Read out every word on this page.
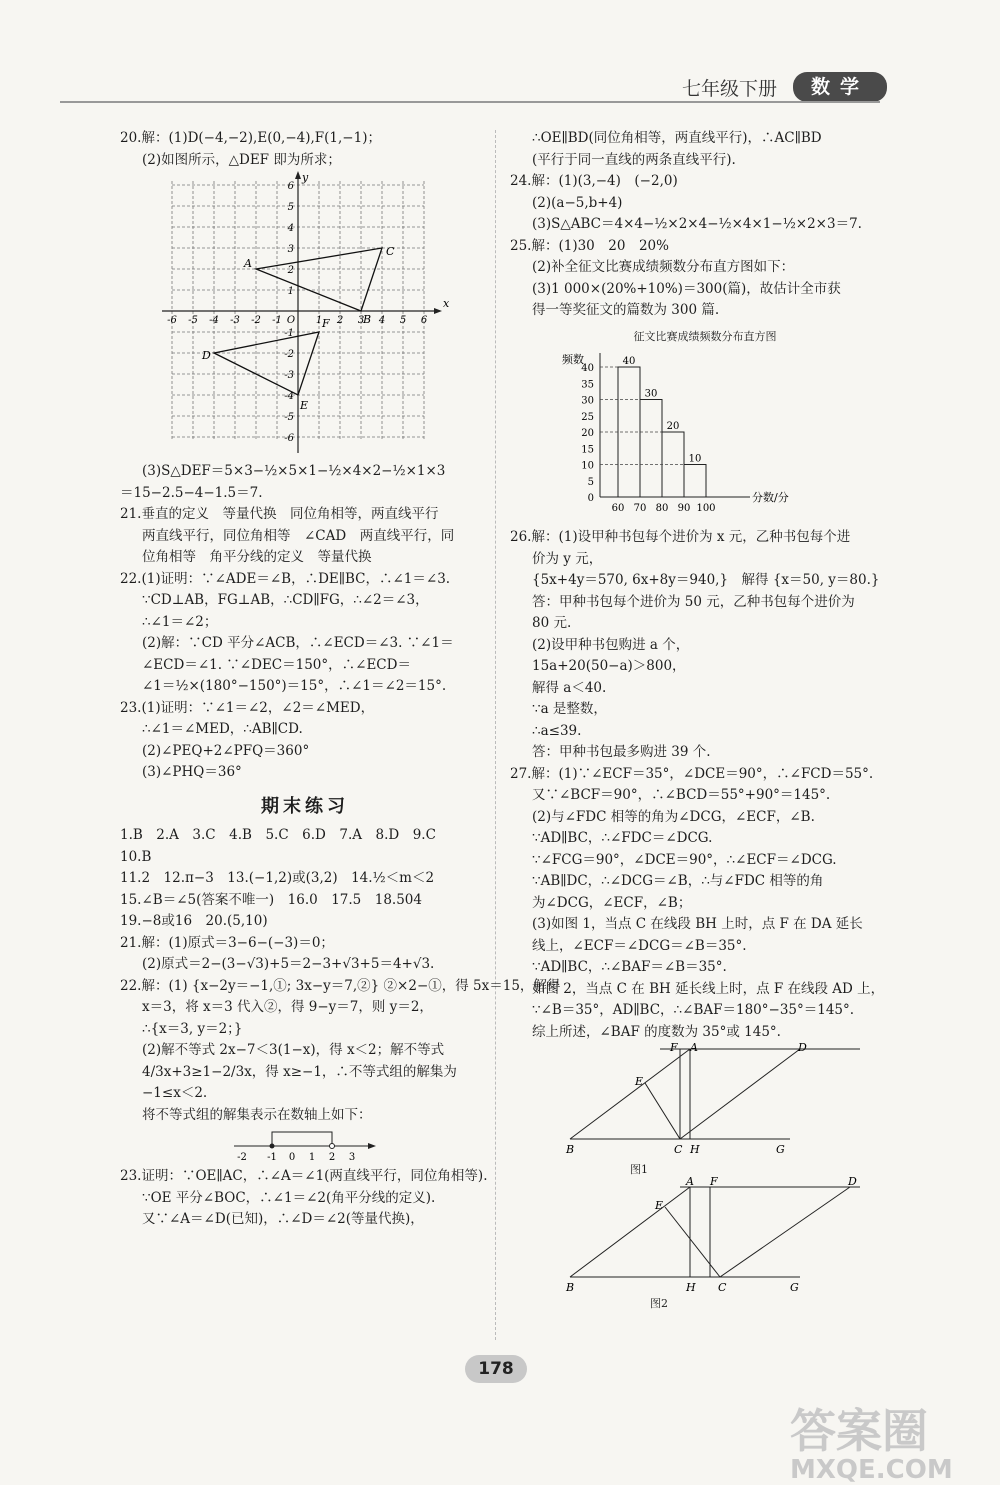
七年级下册	数学

20.解：(1)D(−4,−2),E(0,−4),F(1,−1)；

(2)如图所示，△DEF 即为所求；

x
y
-6 -5 -4 -3 -2 -1 O 1 2 3 4 5 6
6
5
4
3
2
1
-1
-2
-3
-4
-5
-6
A
B
C
D
E
F

(3)S△DEF＝5×3−½×5×1−½×4×2−½×1×3

＝15−2.5−4−1.5＝7.

21.垂直的定义　等量代换　同位角相等，两直线平行

两直线平行，同位角相等　∠CAD　两直线平行，同

位角相等　角平分线的定义　等量代换

22.(1)证明：∵∠ADE＝∠B，∴DE∥BC，∴∠1＝∠3.

∵CD⊥AB，FG⊥AB，∴CD∥FG，∴∠2＝∠3，

∴∠1＝∠2；

(2)解：∵CD 平分∠ACB，∴∠ECD＝∠3. ∵∠1＝

∠ECD＝∠1. ∵∠DEC＝150°，∴∠ECD＝

∠1＝½×(180°−150°)＝15°，∴∠1＝∠2＝15°.

23.(1)证明：∵∠1＝∠2，∠2＝∠MED，

∴∠1＝∠MED，∴AB∥CD.

(2)∠PEQ+2∠PFQ＝360°

(3)∠PHQ＝36°

期末练习

1.B　2.A　3.C　4.B　5.C　6.D　7.A　8.D　9.C

10.B

11.2　12.π−3　13.(−1,2)或(3,2)　14.½＜m＜2

15.∠B＝∠5(答案不唯一)　16.0　17.5　18.504

19.−8或16　20.(5,10)

21.解：(1)原式＝3−6−(−3)＝0；

(2)原式＝2−(3−√3)+5＝2−3+√3+5＝4+√3.

22.解：(1) {x−2y＝−1,①; 3x−y＝7,②} ②×2−①，得 5x＝15，解得

x＝3，将 x＝3 代入②，得 9−y＝7，则 y＝2，

∴{x＝3, y＝2；}

(2)解不等式 2x−7＜3(1−x)，得 x＜2；解不等式

4/3x+3≥1−2/3x，得 x≥−1，∴不等式组的解集为

−1≤x＜2.

将不等式组的解集表示在数轴上如下：

-2 -1 0 1 2 3

23.证明：∵OE∥AC，∴∠A＝∠1(两直线平行，同位角相等).

∵OE 平分∠BOC，∴∠1＝∠2(角平分线的定义).

又∵∠A＝∠D(已知)，∴∠D＝∠2(等量代换)，

∴OE∥BD(同位角相等，两直线平行)，∴AC∥BD

(平行于同一直线的两条直线平行).

24.解：(1)(3,−4)　(−2,0)

(2)(a−5,b+4)

(3)S△ABC＝4×4−½×2×4−½×4×1−½×2×3＝7.

25.解：(1)30　20　20%

(2)补全征文比赛成绩频数分布直方图如下：

(3)1 000×(20%+10%)＝300(篇)，故估计全市获

得一等奖征文的篇数为 300 篇.

征文比赛成绩频数分布直方图
频数
分数/分
0
5
10
15
20
25
30
35
40
60 70 80 90 100
40
30
20
10

26.解：(1)设甲种书包每个进价为 x 元，乙种书包每个进

价为 y 元，

{5x+4y＝570, 6x+8y＝940,}　解得 {x＝50, y＝80.}

答：甲种书包每个进价为 50 元，乙种书包每个进价为

80 元.

(2)设甲种书包购进 a 个，

15a+20(50−a)＞800，

解得 a＜40.

∵a 是整数，

∴a≤39.

答：甲种书包最多购进 39 个.

27.解：(1)∵∠ECF＝35°，∠DCE＝90°，∴∠FCD＝55°.

又∵∠BCF＝90°，∴∠BCD＝55°+90°＝145°.

(2)与∠FDC 相等的角为∠DCG，∠ECF，∠B.

∵AD∥BC，∴∠FDC＝∠DCG.

∵∠FCG＝90°，∠DCE＝90°，∴∠ECF＝∠DCG.

∵AB∥DC，∴∠DCG＝∠B，∴与∠FDC 相等的角

为∠DCG，∠ECF，∠B；

(3)如图 1，当点 C 在线段 BH 上时，点 F 在 DA 延长

线上，∠ECF＝∠DCG＝∠B＝35°.

∵AD∥BC，∴∠BAF＝∠B＝35°.

如图 2，当点 C 在 BH 延长线上时，点 F 在线段 AD 上，

∵∠B＝35°，AD∥BC，∴∠BAF＝180°−35°＝145°.

综上所述，∠BAF 的度数为 35°或 145°.

F A	D
E
B	C H	G
图1
A F	D
E
B	H C	G
图2
178
答案圈
MXQE.COM
